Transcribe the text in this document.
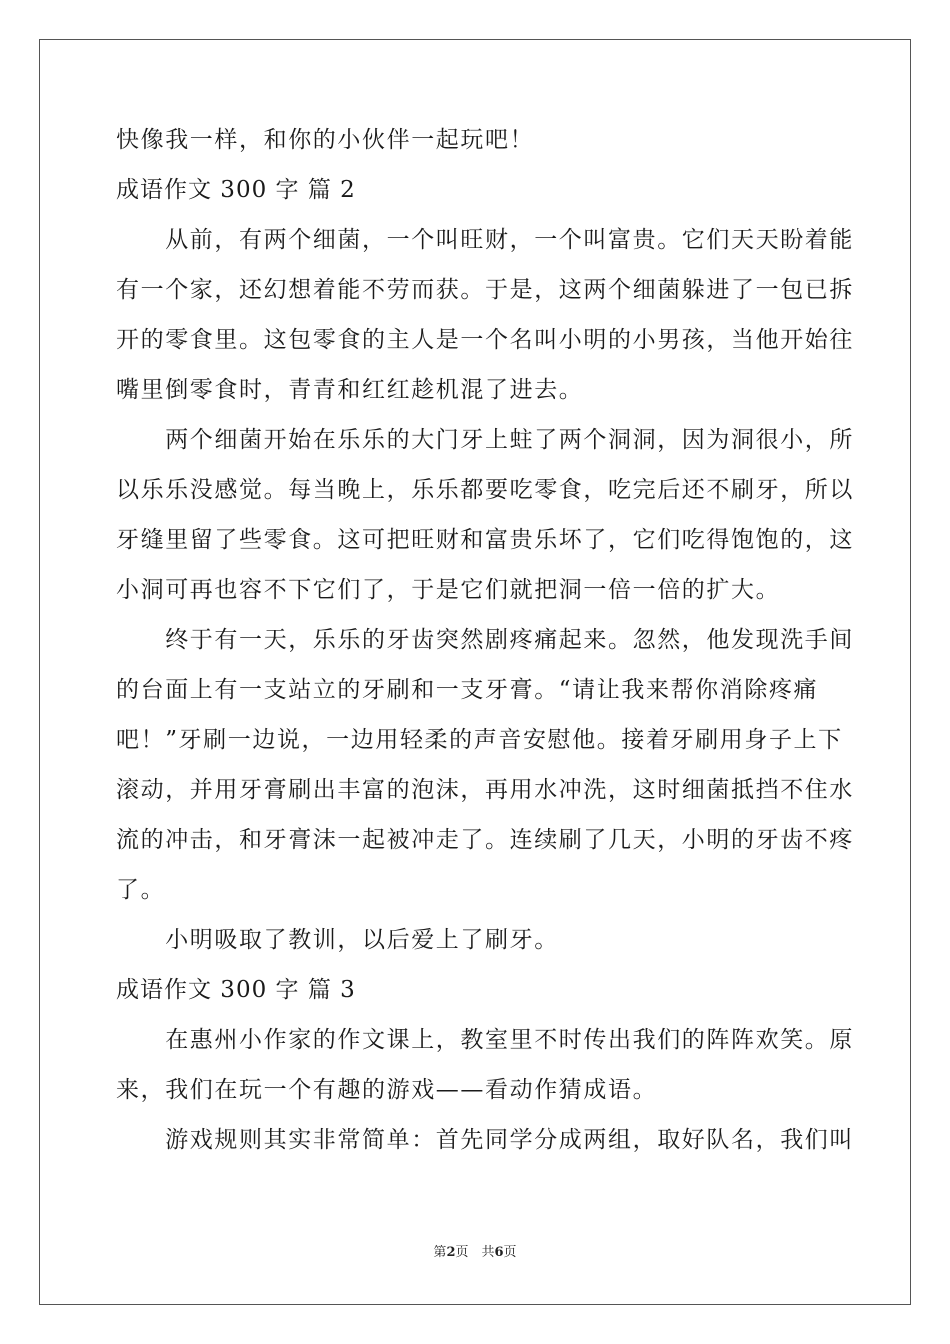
快像我一样，和你的小伙伴一起玩吧！
成语作文 300 字 篇 2
　　从前，有两个细菌，一个叫旺财，一个叫富贵。它们天天盼着能
有一个家，还幻想着能不劳而获。于是，这两个细菌躲进了一包已拆
开的零食里。这包零食的主人是一个名叫小明的小男孩，当他开始往
嘴里倒零食时，青青和红红趁机混了进去。
　　两个细菌开始在乐乐的大门牙上蛀了两个洞洞，因为洞很小，所
以乐乐没感觉。每当晚上，乐乐都要吃零食，吃完后还不刷牙，所以
牙缝里留了些零食。这可把旺财和富贵乐坏了，它们吃得饱饱的，这
小洞可再也容不下它们了，于是它们就把洞一倍一倍的扩大。
　　终于有一天，乐乐的牙齿突然剧疼痛起来。忽然，他发现洗手间
的台面上有一支站立的牙刷和一支牙膏。“请让我来帮你消除疼痛
吧！”牙刷一边说，一边用轻柔的声音安慰他。接着牙刷用身子上下
滚动，并用牙膏刷出丰富的泡沫，再用水冲洗，这时细菌抵挡不住水
流的冲击，和牙膏沫一起被冲走了。连续刷了几天，小明的牙齿不疼
了。
　　小明吸取了教训，以后爱上了刷牙。
成语作文 300 字 篇 3
　　在惠州小作家的作文课上，教室里不时传出我们的阵阵欢笑。原
来，我们在玩一个有趣的游戏——看动作猜成语。
　　游戏规则其实非常简单：首先同学分成两组，取好队名，我们叫
第2页　共6页
